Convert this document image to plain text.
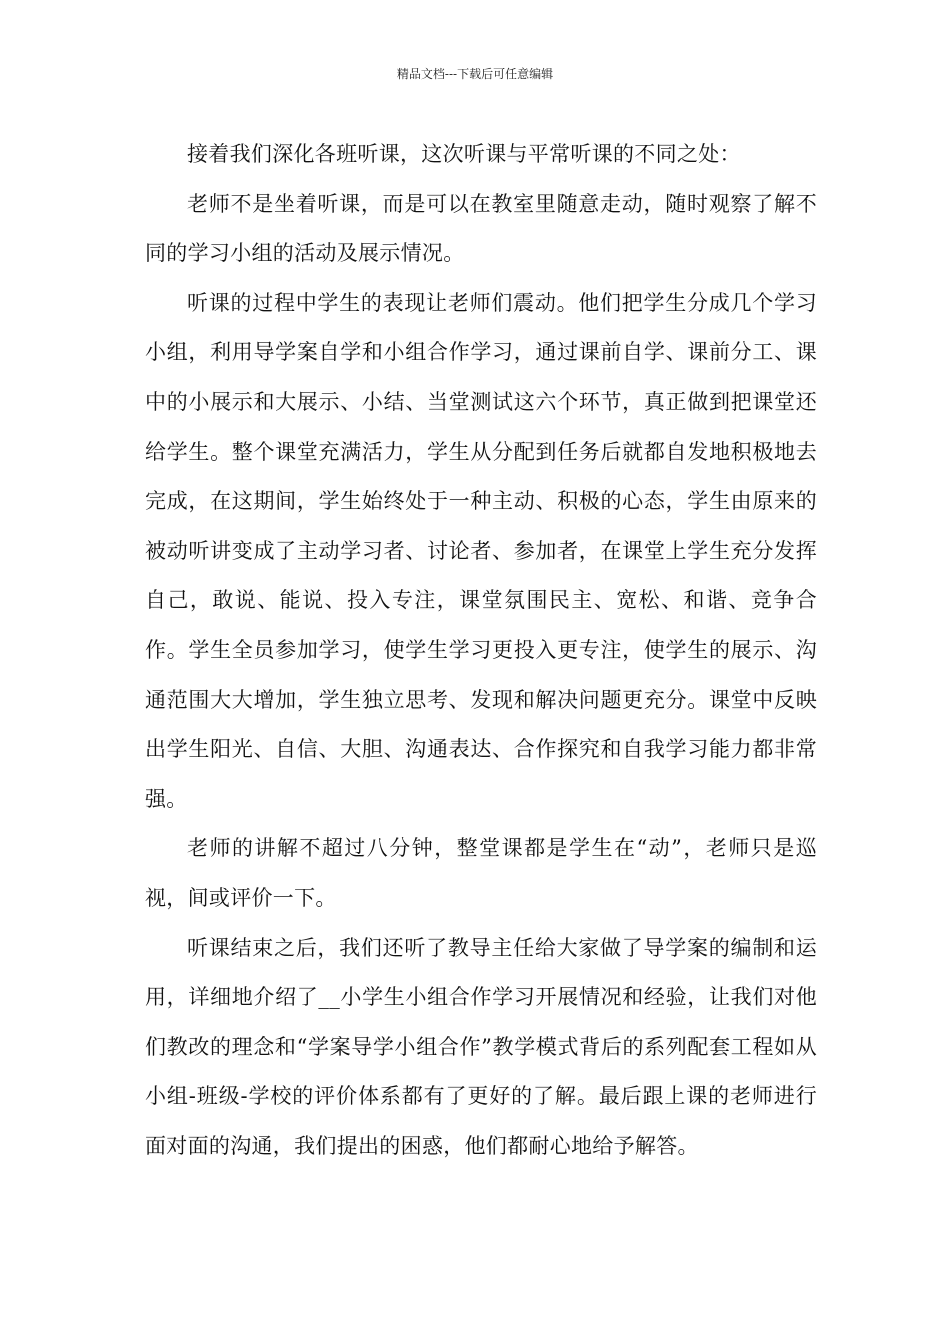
精品文档---下载后可任意编辑

接着我们深化各班听课，这次听课与平常听课的不同之处：

老师不是坐着听课，而是可以在教室里随意走动，随时观察了解不同的学习小组的活动及展示情况。

听课的过程中学生的表现让老师们震动。他们把学生分成几个学习小组，利用导学案自学和小组合作学习，通过课前自学、课前分工、课中的小展示和大展示、小结、当堂测试这六个环节，真正做到把课堂还给学生。整个课堂充满活力，学生从分配到任务后就都自发地积极地去完成，在这期间，学生始终处于一种主动、积极的心态，学生由原来的被动听讲变成了主动学习者、讨论者、参加者，在课堂上学生充分发挥自己，敢说、能说、投入专注，课堂氛围民主、宽松、和谐、竞争合作。学生全员参加学习，使学生学习更投入更专注，使学生的展示、沟通范围大大增加，学生独立思考、发现和解决问题更充分。课堂中反映出学生阳光、自信、大胆、沟通表达、合作探究和自我学习能力都非常强。

老师的讲解不超过八分钟，整堂课都是学生在“动”，老师只是巡视，间或评价一下。

听课结束之后，我们还听了教导主任给大家做了导学案的编制和运用，详细地介绍了__小学生小组合作学习开展情况和经验，让我们对他们教改的理念和“学案导学小组合作”教学模式背后的系列配套工程如从小组-班级-学校的评价体系都有了更好的了解。最后跟上课的老师进行面对面的沟通，我们提出的困惑，他们都耐心地给予解答。
